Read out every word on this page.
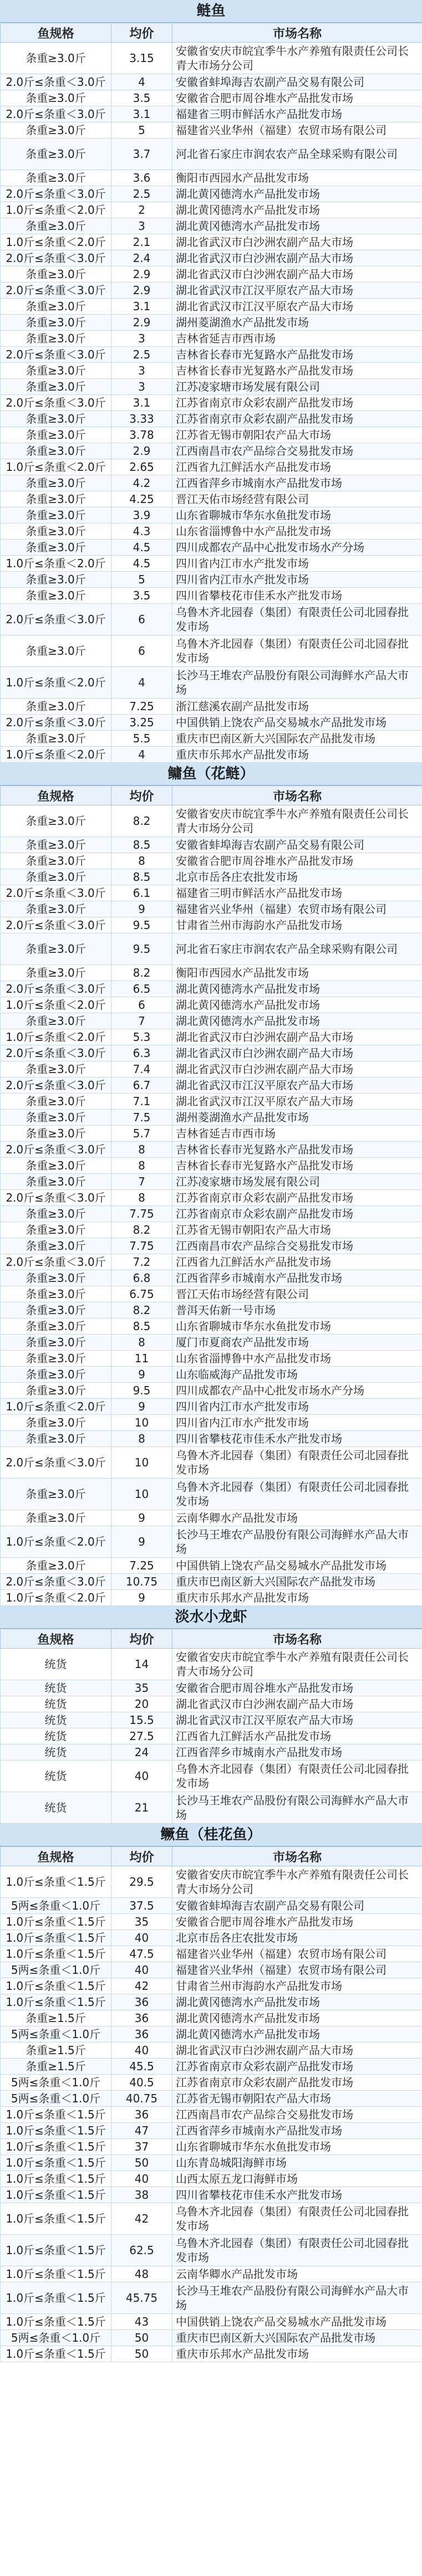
鲢鱼
鱼规格	均价	市场名称
条重≥3.0斤	3.15	安徽省安庆市皖宜季牛水产养殖有限责任公司长青大市场分公司
2.0斤≤条重＜3.0斤	4	安徽省蚌埠海吉农副产品交易有限公司
条重≥3.0斤	3.5	安徽省合肥市周谷堆水产品批发市场
2.0斤≤条重＜3.0斤	3.1	福建省三明市鲜活水产品批发市场
条重≥3.0斤	5	福建省兴业华州（福建）农贸市场有限公司
条重≥3.0斤	3.7	河北省石家庄市润农农产品全球采购有限公司
条重≥3.0斤	3.6	衡阳市西园水产品批发市场
2.0斤≤条重＜3.0斤	2.5	湖北黄冈德湾水产品批发市场
1.0斤≤条重＜2.0斤	2	湖北黄冈德湾水产品批发市场
条重≥3.0斤	3	湖北黄冈德湾水产品批发市场
1.0斤≤条重＜2.0斤	2.1	湖北省武汉市白沙洲农副产品大市场
2.0斤≤条重＜3.0斤	2.4	湖北省武汉市白沙洲农副产品大市场
条重≥3.0斤	2.9	湖北省武汉市白沙洲农副产品大市场
2.0斤≤条重＜3.0斤	2.9	湖北省武汉市江汉平原农产品大市场
条重≥3.0斤	3.1	湖北省武汉市江汉平原农产品大市场
条重≥3.0斤	2.9	湖州菱湖渔水产品批发市场
条重≥3.0斤	3	吉林省延吉市西市场
2.0斤≤条重＜3.0斤	2.5	吉林省长春市光复路水产品批发市场
条重≥3.0斤	3	吉林省长春市光复路水产品批发市场
条重≥3.0斤	3	江苏凌家塘市场发展有限公司
2.0斤≤条重＜3.0斤	3.1	江苏省南京市众彩农副产品批发市场
条重≥3.0斤	3.33	江苏省南京市众彩农副产品批发市场
条重≥3.0斤	3.78	江苏省无锡市朝阳农产品大市场
条重≥3.0斤	2.9	江西南昌市农产品综合交易批发市场
1.0斤≤条重＜2.0斤	2.65	江西省九江鲜活水产品批发市场
条重≥3.0斤	4.2	江西省萍乡市城南水产品批发市场
条重≥3.0斤	4.25	晋江天佑市场经营有限公司
条重≥3.0斤	3.9	山东省聊城市华东水鱼批发市场
条重≥3.0斤	4.3	山东省淄博鲁中水产品批发市场
条重≥3.0斤	4.5	四川成都农产品中心批发市场水产分场
1.0斤≤条重＜2.0斤	4.5	四川省内江市水产批发市场
条重≥3.0斤	5	四川省内江市水产批发市场
条重≥3.0斤	3.5	四川省攀枝花市佳禾水产批发市场
2.0斤≤条重＜3.0斤	6	乌鲁木齐北园春（集团）有限责任公司北园春批发市场
条重≥3.0斤	6	乌鲁木齐北园春（集团）有限责任公司北园春批发市场
1.0斤≤条重＜2.0斤	4	长沙马王堆农产品股份有限公司海鲜水产品大市场
条重≥3.0斤	7.25	浙江慈溪农副产品批发市场
2.0斤≤条重＜3.0斤	3.25	中国供销上饶农产品交易城水产品批发市场
条重≥3.0斤	5.5	重庆市巴南区新大兴国际农产品批发市场
1.0斤≤条重＜2.0斤	4	重庆市乐邦水产品批发市场
鳙鱼（花鲢）
鱼规格	均价	市场名称
条重≥3.0斤	8.2	安徽省安庆市皖宜季牛水产养殖有限责任公司长青大市场分公司
条重≥3.0斤	8.5	安徽省蚌埠海吉农副产品交易有限公司
条重≥3.0斤	8	安徽省合肥市周谷堆水产品批发市场
条重≥3.0斤	8.5	北京市岳各庄农批发市场
2.0斤≤条重＜3.0斤	6.1	福建省三明市鲜活水产品批发市场
条重≥3.0斤	9	福建省兴业华州（福建）农贸市场有限公司
2.0斤≤条重＜3.0斤	9.5	甘肃省兰州市海韵水产品批发市场
条重≥3.0斤	9.5	河北省石家庄市润农农产品全球采购有限公司
条重≥3.0斤	8.2	衡阳市西园水产品批发市场
2.0斤≤条重＜3.0斤	6.5	湖北黄冈德湾水产品批发市场
1.0斤≤条重＜2.0斤	6	湖北黄冈德湾水产品批发市场
条重≥3.0斤	7	湖北黄冈德湾水产品批发市场
1.0斤≤条重＜2.0斤	5.3	湖北省武汉市白沙洲农副产品大市场
2.0斤≤条重＜3.0斤	6.3	湖北省武汉市白沙洲农副产品大市场
条重≥3.0斤	7.4	湖北省武汉市白沙洲农副产品大市场
2.0斤≤条重＜3.0斤	6.7	湖北省武汉市江汉平原农产品大市场
条重≥3.0斤	7.1	湖北省武汉市江汉平原农产品大市场
条重≥3.0斤	7.5	湖州菱湖渔水产品批发市场
条重≥3.0斤	5.7	吉林省延吉市西市场
2.0斤≤条重＜3.0斤	8	吉林省长春市光复路水产品批发市场
条重≥3.0斤	8	吉林省长春市光复路水产品批发市场
条重≥3.0斤	7	江苏凌家塘市场发展有限公司
2.0斤≤条重＜3.0斤	8	江苏省南京市众彩农副产品批发市场
条重≥3.0斤	7.75	江苏省南京市众彩农副产品批发市场
条重≥3.0斤	8.2	江苏省无锡市朝阳农产品大市场
条重≥3.0斤	7.75	江西南昌市农产品综合交易批发市场
2.0斤≤条重＜3.0斤	7.2	江西省九江鲜活水产品批发市场
条重≥3.0斤	6.8	江西省萍乡市城南水产品批发市场
条重≥3.0斤	6.75	晋江天佑市场经营有限公司
条重≥3.0斤	8.2	普洱天佑新一号市场
条重≥3.0斤	8.5	山东省聊城市华东水鱼批发市场
条重≥3.0斤	8	厦门市夏商农产品批发市场
条重≥3.0斤	11	山东省淄博鲁中水产品批发市场
条重≥3.0斤	9	山东临威海产品批发市场
条重≥3.0斤	9.5	四川成都农产品中心批发市场水产分场
1.0斤≤条重＜2.0斤	9	四川省内江市水产批发市场
条重≥3.0斤	10	四川省内江市水产批发市场
条重≥3.0斤	8	四川省攀枝花市佳禾水产批发市场
2.0斤≤条重＜3.0斤	10	乌鲁木齐北园春（集团）有限责任公司北园春批发市场
条重≥3.0斤	10	乌鲁木齐北园春（集团）有限责任公司北园春批发市场
条重≥3.0斤	9	云南华卿水产品批发市场
1.0斤≤条重＜2.0斤	9	长沙马王堆农产品股份有限公司海鲜水产品大市场
条重≥3.0斤	7.25	中国供销上饶农产品交易城水产品批发市场
2.0斤≤条重＜3.0斤	10.75	重庆市巴南区新大兴国际农产品批发市场
1.0斤≤条重＜2.0斤	9	重庆市乐邦水产品批发市场
淡水小龙虾
鱼规格	均价	市场名称
统货	14	安徽省安庆市皖宜季牛水产养殖有限责任公司长青大市场分公司
统货	35	安徽省合肥市周谷堆水产品批发市场
统货	20	湖北省武汉市白沙洲农副产品大市场
统货	15.5	湖北省武汉市江汉平原农产品大市场
统货	27.5	江西省九江鲜活水产品批发市场
统货	24	江西省萍乡市城南水产品批发市场
统货	40	乌鲁木齐北园春（集团）有限责任公司北园春批发市场
统货	21	长沙马王堆农产品股份有限公司海鲜水产品大市场
鳜鱼（桂花鱼）
鱼规格	均价	市场名称
1.0斤≤条重＜1.5斤	29.5	安徽省安庆市皖宜季牛水产养殖有限责任公司长青大市场分公司
5两≤条重＜1.0斤	37.5	安徽省蚌埠海吉农副产品交易有限公司
1.0斤≤条重＜1.5斤	35	安徽省合肥市周谷堆水产品批发市场
1.0斤≤条重＜1.5斤	40	北京市岳各庄农批发市场
1.0斤≤条重＜1.5斤	47.5	福建省兴业华州（福建）农贸市场有限公司
5两≤条重＜1.0斤	40	福建省兴业华州（福建）农贸市场有限公司
1.0斤≤条重＜1.5斤	42	甘肃省兰州市海韵水产品批发市场
1.0斤≤条重＜1.5斤	36	湖北黄冈德湾水产品批发市场
条重≥1.5斤	36	湖北黄冈德湾水产品批发市场
5两≤条重＜1.0斤	36	湖北黄冈德湾水产品批发市场
条重≥1.5斤	40	湖北省武汉市白沙洲农副产品大市场
条重≥1.5斤	45.5	江苏省南京市众彩农副产品批发市场
5两≤条重＜1.0斤	40.5	江苏省南京市众彩农副产品批发市场
5两≤条重＜1.0斤	40.75	江苏省无锡市朝阳农产品大市场
1.0斤≤条重＜1.5斤	36	江西南昌市农产品综合交易批发市场
1.0斤≤条重＜1.5斤	47	江西省萍乡市城南水产品批发市场
1.0斤≤条重＜1.5斤	37	山东省聊城市华东水鱼批发市场
1.0斤≤条重＜1.5斤	50	山东青岛城阳海鲜市场
1.0斤≤条重＜1.5斤	40	山西太原五龙口海鲜市场
1.0斤≤条重＜1.5斤	38	四川省攀枝花市佳禾水产批发市场
1.0斤≤条重＜1.5斤	42	乌鲁木齐北园春（集团）有限责任公司北园春批发市场
1.0斤≤条重＜1.5斤	62.5	乌鲁木齐北园春（集团）有限责任公司北园春批发市场
1.0斤≤条重＜1.5斤	48	云南华卿水产品批发市场
1.0斤≤条重＜1.5斤	45.75	长沙马王堆农产品股份有限公司海鲜水产品大市场
1.0斤≤条重＜1.5斤	43	中国供销上饶农产品交易城水产品批发市场
5两≤条重＜1.0斤	50	重庆市巴南区新大兴国际农产品批发市场
1.0斤≤条重＜1.5斤	50	重庆市乐邦水产品批发市场
